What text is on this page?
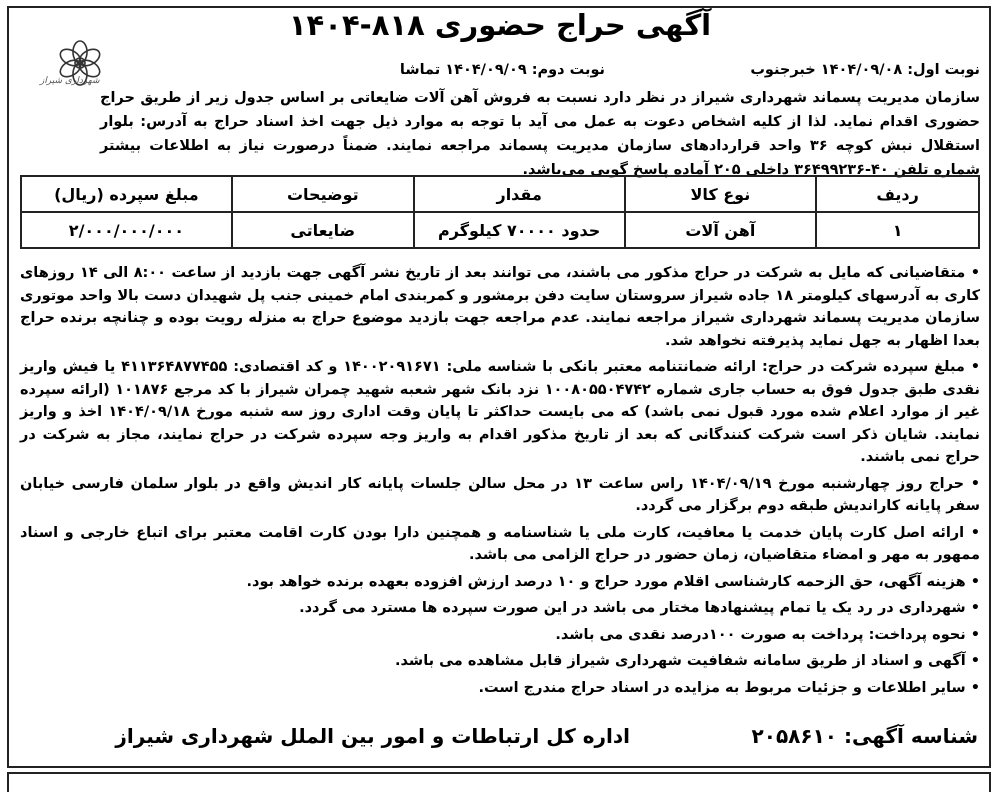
آگهی حراج حضوری ۸۱۸-۱۴۰۴
شهرداری شیراز
نوبت اول: ۱۴۰۴/۰۹/۰۸ خبرجنوب
نوبت دوم: ۱۴۰۴/۰۹/۰۹ تماشا
سازمان مدیریت پسماند شهرداری شیراز در نظر دارد نسبت به فروش آهن آلات ضایعاتی بر اساس جدول زیر از طریق حراج حضوری اقدام نماید. لذا از کلیه اشخاص دعوت به عمل می آید با توجه به موارد ذیل جهت اخذ اسناد حراج به آدرس: بلوار استقلال نبش کوچه ۳۶ واحد قراردادهای سازمان مدیریت پسماند مراجعه نمایند. ضمناً درصورت نیاز به اطلاعات بیشتر شماره تلفن ۴۰-۳۶۴۹۹۲۳۶ داخلی ۲۰۵ آماده پاسخ گویی می‌باشد.
ردیف	نوع کالا	مقدار	توضیحات	مبلغ سپرده (ریال)
۱	آهن آلات	حدود ۷۰۰۰۰ کیلوگرم	ضایعاتی	۲/۰۰۰/۰۰۰/۰۰۰

• متقاضیانی که مایل به شرکت در حراج مذکور می باشند، می توانند بعد از تاریخ نشر آگهی جهت بازدید از ساعت ۸:۰۰ الی ۱۴ روزهای کاری به آدرسهای کیلومتر ۱۸ جاده شیراز سروستان سایت دفن برمشور و کمربندی امام خمینی جنب پل شهیدان دست بالا واحد موتوری سازمان مدیریت پسماند شهرداری شیراز مراجعه نمایند. عدم مراجعه جهت بازدید موضوع حراج به منزله رویت بوده و چنانچه برنده حراج بعدا اظهار به جهل نماید پذیرفته نخواهد شد.

• مبلغ سپرده شرکت در حراج: ارائه ضمانتنامه معتبر بانکی با شناسه ملی: ۱۴۰۰۲۰۹۱۶۷۱ و کد اقتصادی: ۴۱۱۳۶۴۸۷۷۴۵۵ یا فیش واریز نقدی طبق جدول فوق به حساب جاری شماره ۱۰۰۸۰۵۵۰۴۷۴۲ نزد بانک شهر شعبه شهید چمران شیراز با کد مرجع ۱۰۱۸۷۶ (ارائه سپرده غیر از موارد اعلام شده مورد قبول نمی باشد) که می بایست حداکثر تا پایان وقت اداری روز سه شنبه مورخ ۱۴۰۴/۰۹/۱۸ اخذ و واریز نمایند. شایان ذکر است شرکت کنندگانی که بعد از تاریخ مذکور اقدام به واریز وجه سپرده شرکت در حراج نمایند، مجاز به شرکت در حراج نمی باشند.

• حراج روز چهارشنبه مورخ ۱۴۰۴/۰۹/۱۹ راس ساعت ۱۳ در محل سالن جلسات پایانه کار اندیش واقع در بلوار سلمان فارسی خیابان سفر پایانه کاراندیش طبقه دوم برگزار می گردد.

• ارائه اصل کارت پایان خدمت یا معافیت، کارت ملی یا شناسنامه و همچنین دارا بودن کارت اقامت معتبر برای اتباع خارجی و اسناد ممهور به مهر و امضاء متقاضیان، زمان حضور در حراج الزامی می باشد.

• هزینه آگهی، حق الزحمه کارشناسی اقلام مورد حراج و ۱۰ درصد ارزش افزوده بعهده برنده خواهد بود.

• شهرداری در رد یک یا تمام پیشنهادها مختار می باشد در این صورت سپرده ها مسترد می گردد.

• نحوه پرداخت: پرداخت به صورت ۱۰۰درصد نقدی می باشد.

• آگهی و اسناد از طریق سامانه شفافیت شهرداری شیراز قابل مشاهده می باشد.

• سایر اطلاعات و جزئیات مربوط به مزایده در اسناد حراج مندرج است.

شناسه آگهی: ۲۰۵۸۶۱۰
اداره کل ارتباطات و امور بین الملل شهرداری شیراز
